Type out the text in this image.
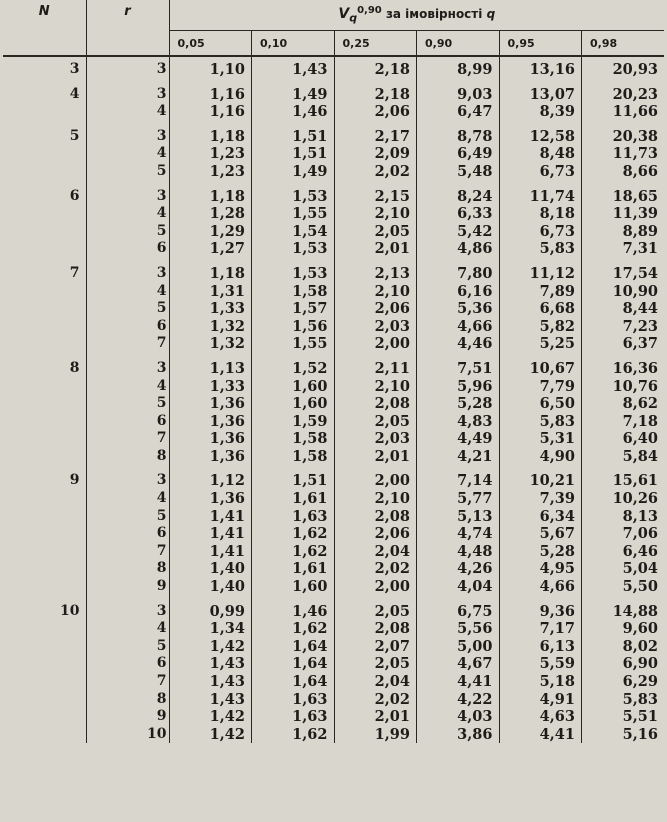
N	r	$V_q^{0,90}$ за імовірності q					
		0,05	0,10	0,25	0,90	0,95	0,98
3	3	1,10	1,43	2,18	8,99	13,16	20,93
4	3	1,16	1,49	2,18	9,03	13,07	20,23
	4	1,16	1,46	2,06	6,47	8,39	11,66
5	3	1,18	1,51	2,17	8,78	12,58	20,38
	4	1,23	1,51	2,09	6,49	8,48	11,73
	5	1,23	1,49	2,02	5,48	6,73	8,66
6	3	1,18	1,53	2,15	8,24	11,74	18,65
	4	1,28	1,55	2,10	6,33	8,18	11,39
	5	1,29	1,54	2,05	5,42	6,73	8,89
	6	1,27	1,53	2,01	4,86	5,83	7,31
7	3	1,18	1,53	2,13	7,80	11,12	17,54
	4	1,31	1,58	2,10	6,16	7,89	10,90
	5	1,33	1,57	2,06	5,36	6,68	8,44
	6	1,32	1,56	2,03	4,66	5,82	7,23
	7	1,32	1,55	2,00	4,46	5,25	6,37
8	3	1,13	1,52	2,11	7,51	10,67	16,36
	4	1,33	1,60	2,10	5,96	7,79	10,76
	5	1,36	1,60	2,08	5,28	6,50	8,62
	6	1,36	1,59	2,05	4,83	5,83	7,18
	7	1,36	1,58	2,03	4,49	5,31	6,40
	8	1,36	1,58	2,01	4,21	4,90	5,84
9	3	1,12	1,51	2,00	7,14	10,21	15,61
	4	1,36	1,61	2,10	5,77	7,39	10,26
	5	1,41	1,63	2,08	5,13	6,34	8,13
	6	1,41	1,62	2,06	4,74	5,67	7,06
	7	1,41	1,62	2,04	4,48	5,28	6,46
	8	1,40	1,61	2,02	4,26	4,95	5,04
	9	1,40	1,60	2,00	4,04	4,66	5,50
10	3	0,99	1,46	2,05	6,75	9,36	14,88
	4	1,34	1,62	2,08	5,56	7,17	9,60
	5	1,42	1,64	2,07	5,00	6,13	8,02
	6	1,43	1,64	2,05	4,67	5,59	6,90
	7	1,43	1,64	2,04	4,41	5,18	6,29
	8	1,43	1,63	2,02	4,22	4,91	5,83
	9	1,42	1,63	2,01	4,03	4,63	5,51
	10	1,42	1,62	1,99	3,86	4,41	5,16
